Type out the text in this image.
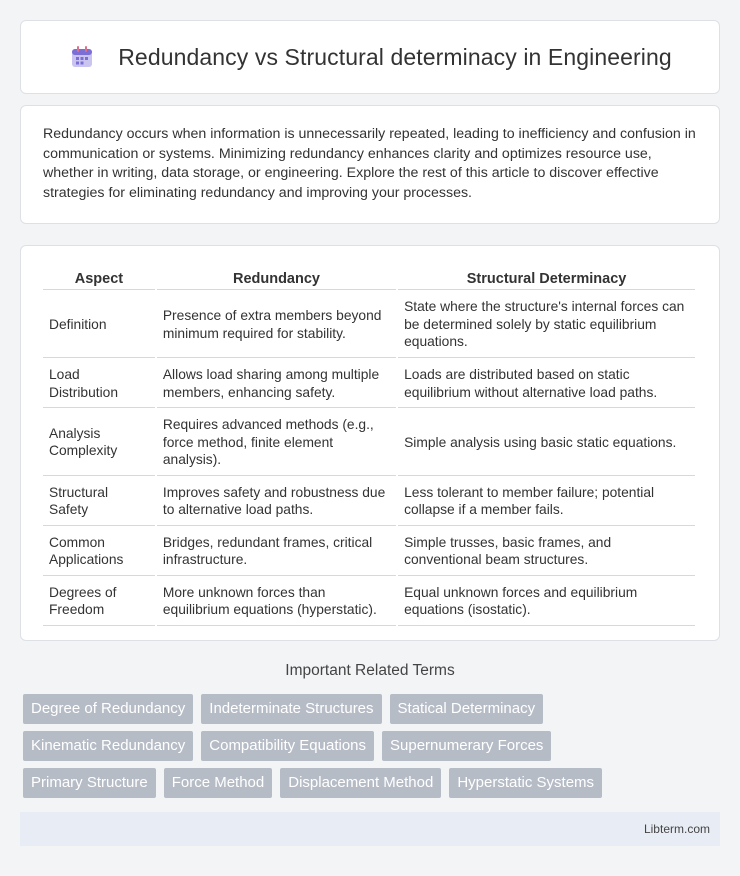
Redundancy vs Structural determinacy in Engineering

Redundancy occurs when information is unnecessarily repeated, leading to inefficiency and confusion in communication or systems. Minimizing redundancy enhances clarity and optimizes resource use, whether in writing, data storage, or engineering. Explore the rest of this article to discover effective strategies for eliminating redundancy and improving your processes.

Aspect	Redundancy	Structural Determinacy
Definition	Presence of extra members beyond minimum required for stability.	State where the structure's internal forces can be determined solely by static equilibrium equations.
Load Distribution	Allows load sharing among multiple members, enhancing safety.	Loads are distributed based on static equilibrium without alternative load paths.
Analysis Complexity	Requires advanced methods (e.g., force method, finite element analysis).	Simple analysis using basic static equations.
Structural Safety	Improves safety and robustness due to alternative load paths.	Less tolerant to member failure; potential collapse if a member fails.
Common Applications	Bridges, redundant frames, critical infrastructure.	Simple trusses, basic frames, and conventional beam structures.
Degrees of Freedom	More unknown forces than equilibrium equations (hyperstatic).	Equal unknown forces and equilibrium equations (isostatic).
Important Related Terms
Degree of Redundancy	Indeterminate Structures	Statical Determinacy
Kinematic Redundancy	Compatibility Equations	Supernumerary Forces
Primary Structure	Force Method	Displacement Method	Hyperstatic Systems
Libterm.com
